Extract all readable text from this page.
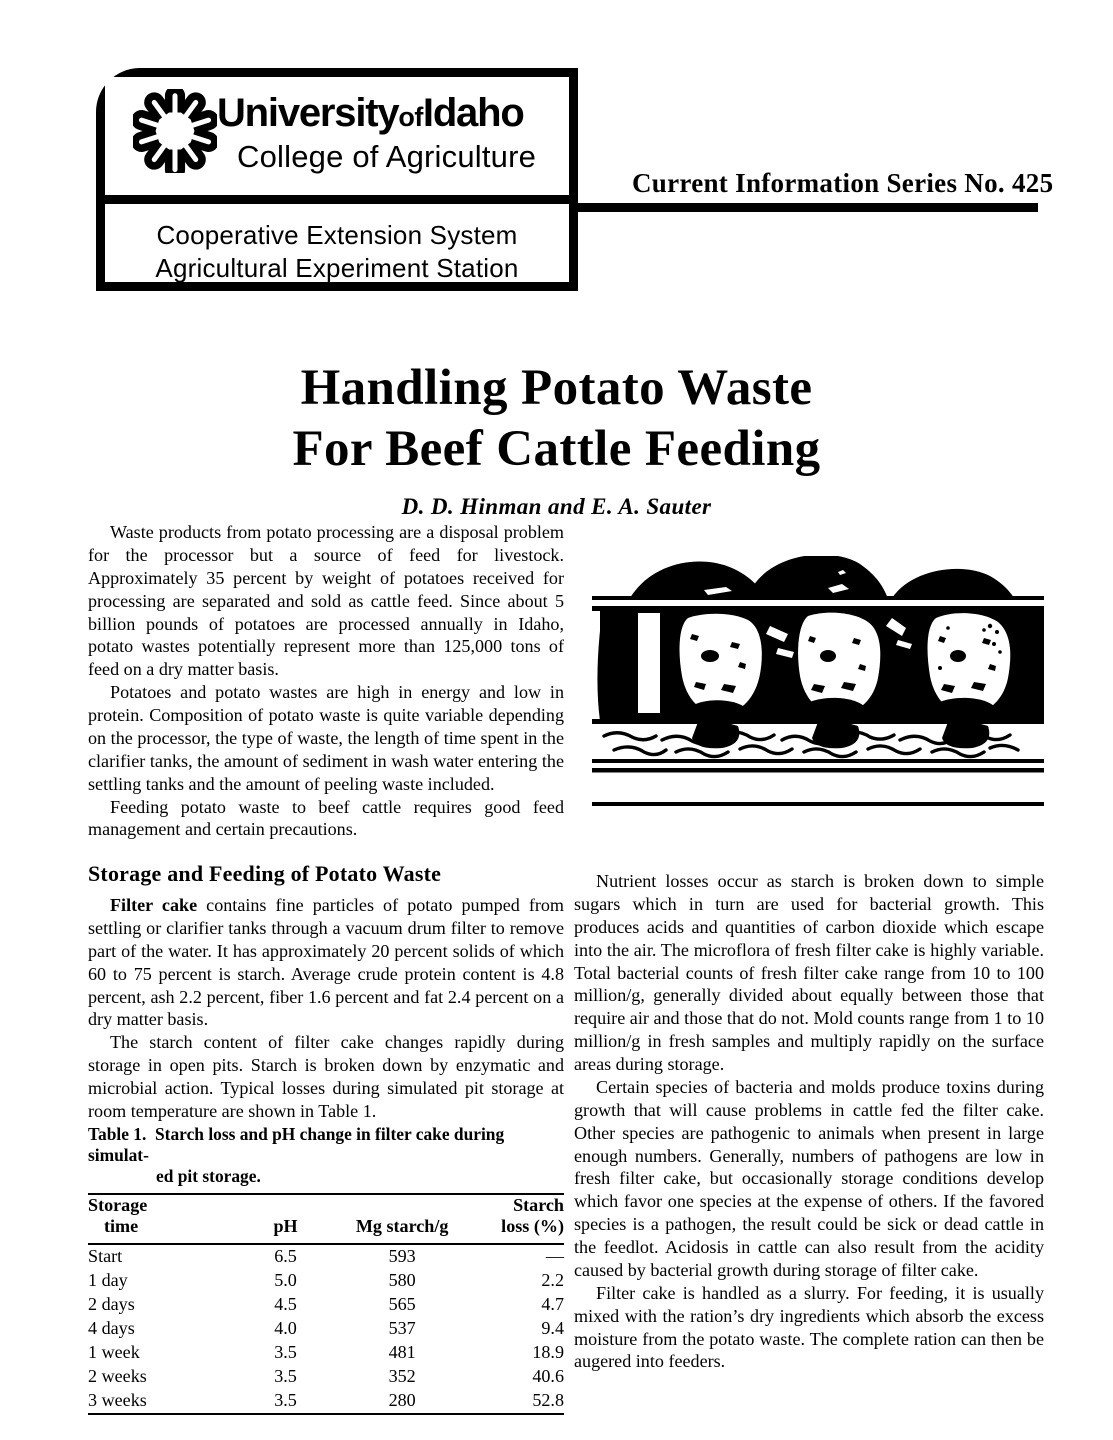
UniversityofIdaho
College of Agriculture
Cooperative Extension System
Agricultural Experiment Station
Current Information Series No. 425
Handling Potato Waste
For Beef Cattle Feeding
D. D. Hinman and E. A. Sauter

Waste products from potato processing are a disposal problem for the processor but a source of feed for livestock. Approximately 35 percent by weight of potatoes received for processing are separated and sold as cattle feed. Since about 5 billion pounds of potatoes are processed annually in Idaho, potato wastes potentially represent more than 125,000 tons of feed on a dry matter basis.

Potatoes and potato wastes are high in energy and low in protein. Composition of potato waste is quite variable depending on the processor, the type of waste, the length of time spent in the clarifier tanks, the amount of sediment in wash water entering the settling tanks and the amount of peeling waste included.

Feeding potato waste to beef cattle requires good feed management and certain precautions.

Storage and Feeding of Potato Waste

Filter cake contains fine particles of potato pumped from settling or clarifier tanks through a vacuum drum filter to remove part of the water. It has approximately 20 percent solids of which 60 to 75 percent is starch. Average crude protein content is 4.8 percent, ash 2.2 percent, fiber 1.6 percent and fat 2.4 percent on a dry matter basis.

The starch content of filter cake changes rapidly during storage in open pits. Starch is broken down by enzymatic and microbial action. Typical losses during simulated pit storage at room temperature are shown in Table 1.

Table 1. Starch loss and pH change in filter cake during simulat-
ed pit storage.
Storage
time	pH	Mg starch/g	Starch
loss (%)

Start	6.5	593	—
1 day	5.0	580	2.2
2 days	4.5	565	4.7
4 days	4.0	537	9.4
1 week	3.5	481	18.9
2 weeks	3.5	352	40.6
3 weeks	3.5	280	52.8

Nutrient losses occur as starch is broken down to simple sugars which in turn are used for bacterial growth. This produces acids and quantities of carbon dioxide which escape into the air. The microflora of fresh filter cake is highly variable. Total bacterial counts of fresh filter cake range from 10 to 100 million/g, generally divided about equally between those that require air and those that do not. Mold counts range from 1 to 10 million/g in fresh samples and multiply rapidly on the surface areas during storage.

Certain species of bacteria and molds produce toxins during growth that will cause problems in cattle fed the filter cake. Other species are pathogenic to animals when present in large enough numbers. Generally, numbers of pathogens are low in fresh filter cake, but occasionally storage conditions develop which favor one species at the expense of others. If the favored species is a pathogen, the result could be sick or dead cattle in the feedlot. Acidosis in cattle can also result from the acidity caused by bacterial growth during storage of filter cake.

Filter cake is handled as a slurry. For feeding, it is usually mixed with the ration’s dry ingredients which absorb the excess moisture from the potato waste. The complete ration can then be augered into feeders.
